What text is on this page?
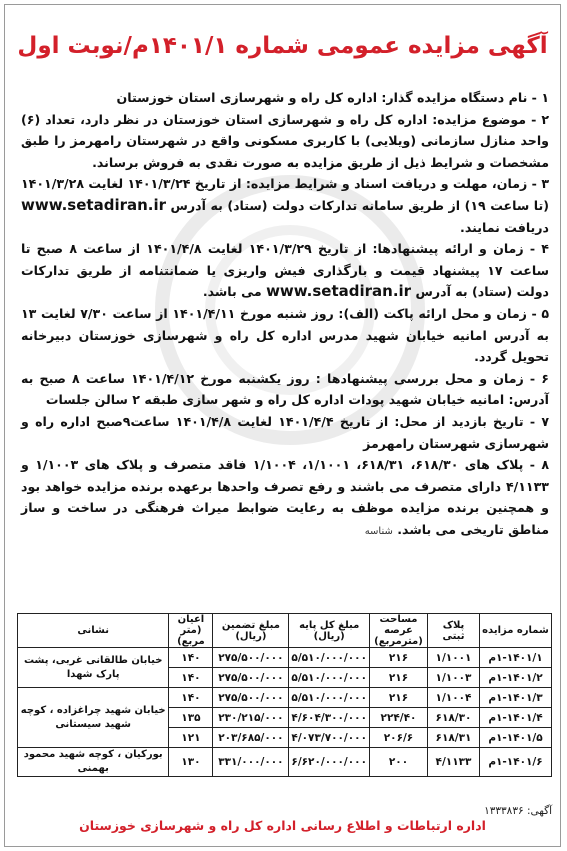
آگهی مزایده عمومی شماره ۱۴۰۱/۱م/نوبت اول

۱ - نام دستگاه مزایده گذار: اداره کل راه و شهرسازی استان خوزستان

۲ - موضوع مزایده: اداره کل راه و شهرسازی استان خوزستان در نظر دارد، تعداد (۶) واحد منازل سازمانی (ویلایی) با کاربری مسکونی واقع در شهرستان رامهرمز را طبق مشخصات و شرایط ذیل از طریق مزایده به صورت نقدی به فروش برساند.

۳ - زمان، مهلت و دریافت اسناد و شرایط مزایده: از تاریخ ۱۴۰۱/۳/۲۴ لغایت ۱۴۰۱/۳/۲۸ (تا ساعت ۱۹) از طریق سامانه تدارکات دولت (ستاد) به آدرس www.setadiran.ir دریافت نمایند.

۴ - زمان و ارائه پیشنهادها: از تاریخ ۱۴۰۱/۳/۲۹ لغایت ۱۴۰۱/۴/۸ از ساعت ۸ صبح تا ساعت ۱۷ پیشنهاد قیمت و بارگذاری فیش واریزی یا ضمانتنامه از طریق تدارکات دولت (ستاد) به آدرس www.setadiran.ir می باشد.

۵ - زمان و محل ارائه پاکت (الف): روز شنبه مورخ ۱۴۰۱/۴/۱۱ از ساعت ۷/۳۰ لغایت ۱۳ به آدرس امانیه خیابان شهید مدرس اداره کل راه و شهرسازی خوزستان دبیرخانه تحویل گردد.

۶ - زمان و محل بررسی پیشنهادها : روز یکشنبه مورخ ۱۴۰۱/۴/۱۲ ساعت ۸ صبح به آدرس: امانیه خیابان شهید پودات اداره کل راه و شهر سازی طبقه ۲ سالن جلسات

۷ - تاریخ بازدید از محل: از تاریخ ۱۴۰۱/۴/۴ لغایت ۱۴۰۱/۴/۸ ساعت۹صبح اداره راه و شهرسازی شهرستان رامهرمز

۸ - پلاک های ۶۱۸/۳۰، ۶۱۸/۳۱، ۱/۱۰۰۱، ۱/۱۰۰۴ فاقد متصرف و پلاک های ۱/۱۰۰۳ و ۴/۱۱۳۳ دارای متصرف می باشند و رفع تصرف واحدها برعهده برنده مزایده خواهد بود و همچنین برنده مزایده موظف به رعایت ضوابط میراث فرهنگی در ساخت و ساز مناطق تاریخی می باشد. شناسه

شماره مزایده	پلاک ثبتی	مساحت عرصه (مترمربع)	مبلغ کل پایه (ریال)	مبلغ تضمین (ریال)	اعیان (متر مربع)	نشانی
۱-۱۴۰۱/۱م	۱/۱۰۰۱	۲۱۶	۵/۵۱۰/۰۰۰/۰۰۰	۲۷۵/۵۰۰/۰۰۰	۱۴۰	خیابان طالقانی غربی، پشت پارک شهدا
۱-۱۴۰۱/۲م	۱/۱۰۰۳	۲۱۶	۵/۵۱۰/۰۰۰/۰۰۰	۲۷۵/۵۰۰/۰۰۰	۱۴۰	
۱-۱۴۰۱/۳م	۱/۱۰۰۴	۲۱۶	۵/۵۱۰/۰۰۰/۰۰۰	۲۷۵/۵۰۰/۰۰۰	۱۴۰	خیابان شهید چراغزاده ، کوچه شهید سیستانی
۱-۱۴۰۱/۴م	۶۱۸/۳۰	۲۲۴/۴۰	۴/۶۰۴/۳۰۰/۰۰۰	۲۳۰/۲۱۵/۰۰۰	۱۳۵	
۱-۱۴۰۱/۵م	۶۱۸/۳۱	۲۰۶/۶	۴/۰۷۳/۷۰۰/۰۰۰	۲۰۳/۶۸۵/۰۰۰	۱۲۱	
۱-۱۴۰۱/۶م	۴/۱۱۳۳	۲۰۰	۶/۶۲۰/۰۰۰/۰۰۰	۳۳۱/۰۰۰/۰۰۰	۱۳۰	بورکیان ، کوچه شهید محمود بهمنی
آگهی: ۱۳۳۳۸۳۶
اداره ارتباطات و اطلاع رسانی اداره کل راه و شهرسازی خوزستان
